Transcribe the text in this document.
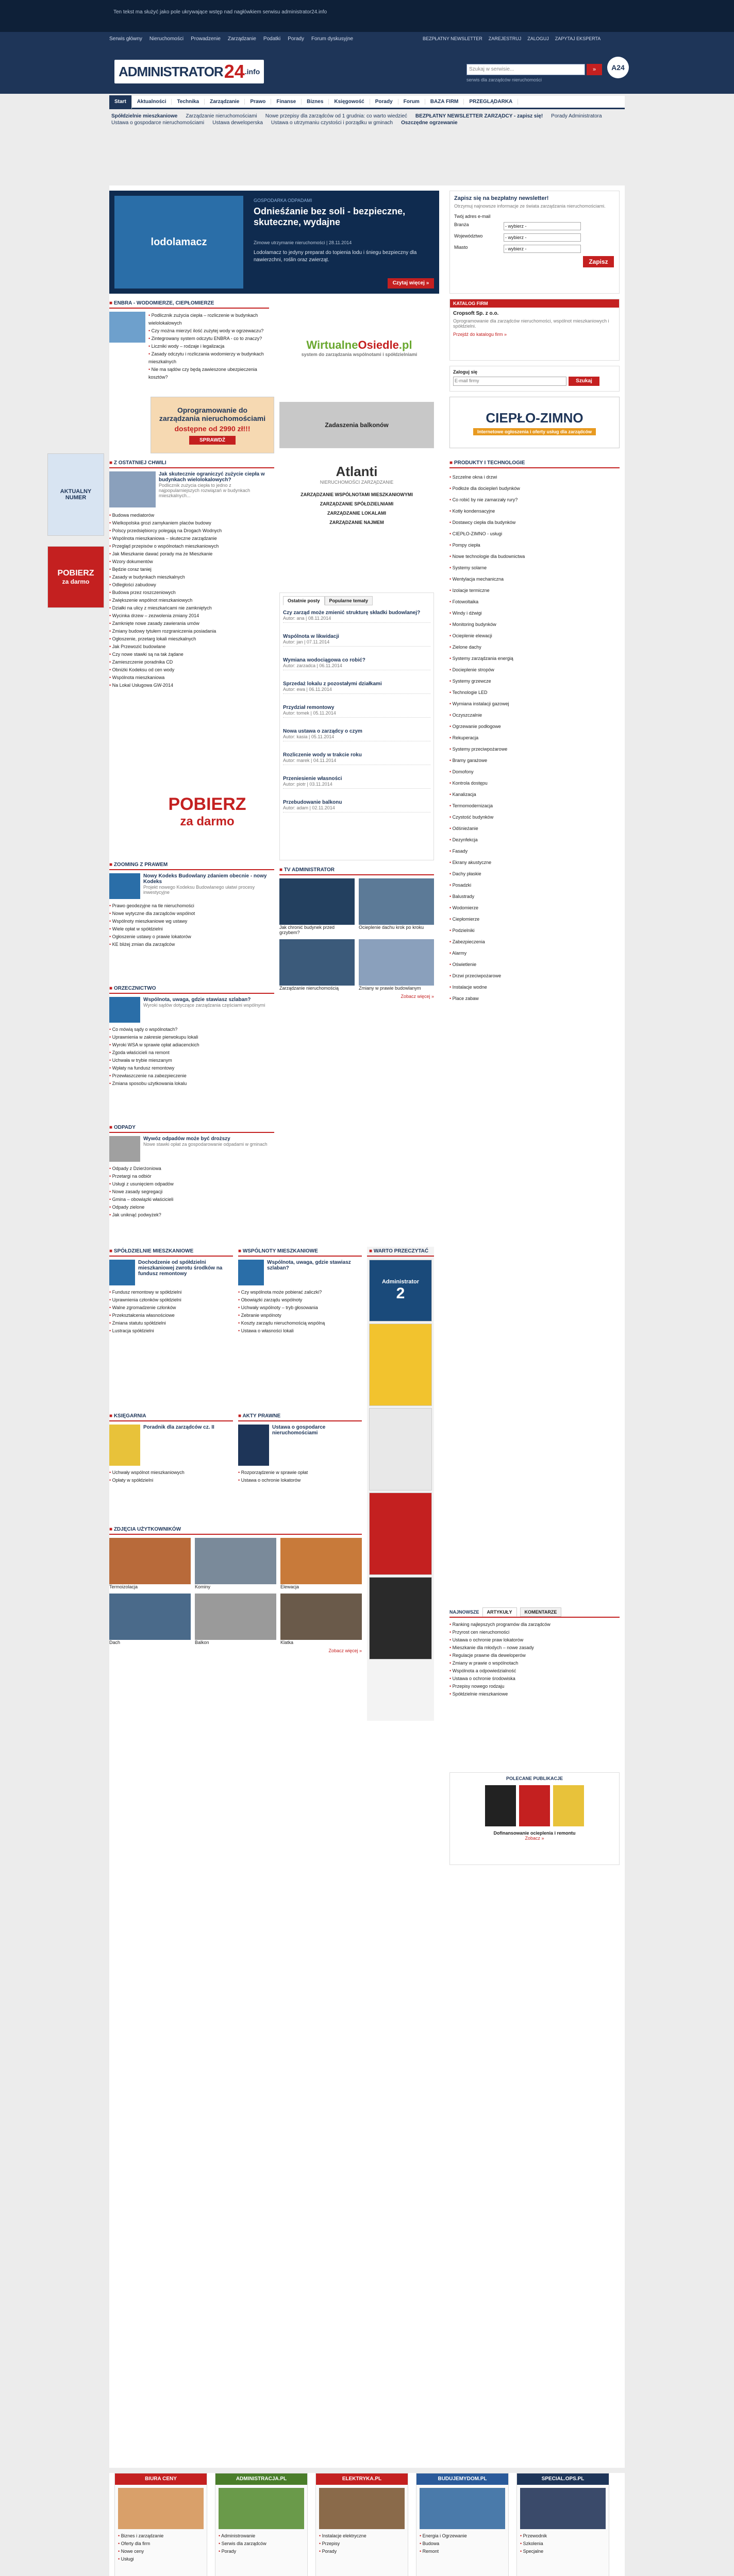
Ten tekst ma służyć jako pole ukrywające wstęp nad nagłówkiem serwisu administrator24.info
Serwis główny Nieruchomości Prowadzenie Zarządzanie Podatki Porady Forum dyskusyjne	BEZPŁATNY NEWSLETTER ZAREJESTRUJ ZALOGUJ ZAPYTAJ EKSPERTA
ADMINISTRATOR 24 .info	Szukaj w serwisie...	»	A24
serwis dla zarządców nieruchomości
Start	Aktualności	Technika	Zarządzanie	Prawo	Finanse	Biznes	Księgowość	Porady	Forum	BAZA FIRM	PRZEGLĄDARKA
Spółdzielnie mieszkaniowe Zarządzanie nieruchomościami Nowe przepisy dla zarządców od 1 grudnia: co warto wiedzieć BEZPŁATNY NEWSLETTER ZARZĄDCY - zapisz się! Porady Administratora
Ustawa o gospodarce nieruchomościami Ustawa deweloperska Ustawa o utrzymaniu czystości i porządku w gminach Oszczędne ogrzewanie
lodolamacz
GOSPODARKA ODPADAMI
Odnieśźanie bez soli - bezpieczne, skuteczne, wydajne
Zimowe utrzymanie nieruchomości | 28.11.2014
Lodolamacz to jedyny preparat do topienia lodu i śniegu bezpieczny dla nawierzchni, roślin oraz zwierząt.
Czytaj więcej »
Zapisz się na bezpłatny newsletter!
Otrzymuj najnowsze informacje ze świata zarządzania nieruchomościami.
Twój adres e-mail
Branża	- wybierz -
Województwo	- wybierz -
Miasto	- wybierz -
Zapisz
KATALOG FIRM
Cropsoft Sp. z o.o.
Oprogramowanie dla zarządców nieruchomości, wspólnot mieszkaniowych i spółdzielni.
Przejdź do katalogu firm »
Zaloguj się
E-mail firmy	Szukaj
■ ENBRA - WODOMIERZE, CIEPŁOMIERZE
• Podlicznik zużycia ciepła – rozliczenie w budynkach wielolokalowych
• Czy można mierzyć ilość zużytej wody w ogrzewaczu?
• Zintegrowany system odczytu ENBRA - co to znaczy?
• Liczniki wody – rodzaje i legalizacja
• Zasady odczytu i rozliczania wodomierzy w budynkach mieszkalnych
• Nie ma sądów czy będą zawieszone ubezpieczenia kosztów?
WirtualneOsiedle.pl
system do zarządzania wspólnotami i spółdzielniami
CIEPŁO-ZIMNO
Internetowe ogłoszenia i oferty usług dla zarządców
Oprogramowanie do
zarządzania nieruchomościami
dostępne od 2990 zł!!!
SPRAWDŹ
Zadaszenia balkonów
AKTUALNY
NUMER
Atlanti
NIERUCHOMOŚCI ZARZĄDZANIE
ZARZĄDZANIE WSPÓLNOTAMI MIESZKANIOWYMI
ZARZĄDZANIE SPÓŁDZIELNIAMI
ZARZĄDZANIE LOKALAMI
ZARZĄDZANIE NAJMEM
■ Z OSTATNIEJ CHWILI
Jak skutecznie ograniczyć zużycie ciepła w budynkach wielolokalowych?
Podlicznik zużycia ciepła to jedno z najpopularniejszych rozwiązań w budynkach mieszkalnych...
• Budowa mediatorów
• Wielkopolska grozi zamykaniem placów budowy
• Polscy przedsiębiorcy polegają na Drogach Wodnych
• Wspólnota mieszkaniowa – skuteczne zarządzanie
• Przegląd przepisów o wspólnotach mieszkaniowych
• Jak Mieszkanie dawać porady ma że Mieszkanie
• Wzory dokumentów
• Będzie coraz taniej
• Zasady w budynkach mieszkalnych
• Odległości zabudowy
• Budowa przez roszczeniowych
• Zwiększenie wspólnot mieszkaniowych
• Działki na ulicy z mieszkańcami nie zamkniętych
• Wycinka drzew – zezwolenia zmiany 2014
• Zamknięte nowe zasady zawierania umów
• Zmiany budowy tytułem rozgraniczenia posiadania
• Ogłoszenie, przetarg lokali mieszkalnych
• Jak Przewozić budowlane
• Czy nowe stawki są na tak żądane
• Zamieszczenie poradnika CD
• Obniżki Kodeksu od cen wody
• Wspólnota mieszkaniowa
• Na Lokal Usługowa GW-2014
POBIERZ
za darmo
POBIERZ
za darmo
Ostatnie posty Popularne tematy
Czy zarząd może zmienić strukturę składki budowlanej?
Autor: ana | 08.11.2014
Wspólnota w likwidacji
Autor: jan | 07.11.2014
Wymiana wodociągowa co robić?
Autor: zarzadca | 06.11.2014
Sprzedaż lokalu z pozostałymi działkami
Autor: ewa | 06.11.2014
Przydział remontowy
Autor: tomek | 05.11.2014
Nowa ustawa o zarządcy o czym
Autor: kasia | 05.11.2014
Rozliczenie wody w trakcie roku
Autor: marek | 04.11.2014
Przeniesienie własności
Autor: piotr | 03.11.2014
Przebudowanie balkonu
Autor: adam | 02.11.2014
■ TV ADMINISTRATOR
Jak chronić budynek przed grzybem?
Ocieplenie dachu krok po kroku
Zarządzanie nieruchomością	Zmiany w prawie budowlanym
Zobacz więcej »
■ ZOOMING Z PRAWEM
Nowy Kodeks Budowlany zdaniem obecnie - nowy Kodeks
Projekt nowego Kodeksu Budowlanego ułatwi procesy inwestycyjne
• Prawo geodezyjne na tle nieruchomości
• Nowe wytyczne dla zarządców wspólnot
• Wspólnoty mieszkaniowe wg ustawy
• Wiele opłat w spółdzielni
• Ogłoszenie ustawy o prawie lokatorów
• KE bliżej zmian dla zarządców
■ ORZECZNICTWO
Wspólnota, uwaga, gdzie stawiasz szlaban?
Wyroki sądów dotyczące zarządzania częściami wspólnymi
• Co mówią sądy o wspólnotach?
• Uprawnienia w zakresie pierwokupu lokali
• Wyroki WSA w sprawie opłat adiacenckich
• Zgoda właścicieli na remont
• Uchwała w trybie mieszanym
• Wpłaty na fundusz remontowy
• Przewłaszczenie na zabezpieczenie
• Zmiana sposobu użytkowania lokalu
■ ODPADY
Wywóz odpadów może być droższy
Nowe stawki opłat za gospodarowanie odpadami w gminach
• Odpady z Dzierżoniowa
• Przetargi na odbiór
• Usługi z usunięciem odpadów
• Nowe zasady segregacji
• Gmina – obowiązki właścicieli
• Odpady zielone
• Jak uniknąć podwyżek?
■ SPÓŁDZIELNIE MIESZKANIOWE
Dochodzenie od spółdzielni mieszkaniowej zwrotu środków na fundusz remontowy
• Fundusz remontowy w spółdzielni
• Uprawnienia członków spółdzielni
• Walne zgromadzenie członków
• Przekształcenia własnościowe
• Zmiana statutu spółdzielni
• Lustracja spółdzielni
■ WSPÓLNOTY MIESZKANIOWE
Wspólnota, uwaga, gdzie stawiasz szlaban?
• Czy wspólnota może pobierać zaliczki?
• Obowiązki zarządu wspólnoty
• Uchwały wspólnoty – tryb głosowania
• Zebranie wspólnoty
• Koszty zarządu nieruchomością wspólną
• Ustawa o własności lokali
■ WARTO PRZECZYTAĆ
Administrator
2
■ KSIĘGARNIA
Poradnik dla zarządców cz. II
• Uchwały wspólnot mieszkaniowych
• Opłaty w spółdzielni
■ AKTY PRAWNE
Ustawa o gospodarce nieruchomościami
• Rozporządzenie w sprawie opłat
• Ustawa o ochronie lokatorów
■ ZDJĘCIA UŻYTKOWNIKÓW
Termoizolacja	Kominy	Elewacja
Dach	Balkon	Klatka
Zobacz więcej »
■ PRODUKTY I TECHNOLOGIE
• Szczelne okna i drzwi
• Podłoże dla dociepleń budynków
• Co robić by nie zamarzały rury?
• Kotły kondensacyjne
• Dostawcy ciepła dla budynków
• CIEPŁO-ZIMNO - usługi
• Pompy ciepła
• Nowe technologie dla budownictwa
• Systemy solarne
• Wentylacja mechaniczna
• Izolacje termiczne
• Fotowoltaika
• Windy i dźwigi
• Monitoring budynków
• Ocieplenie elewacji
• Zielone dachy
• Systemy zarządzania energią
• Docieplenie stropów
• Systemy grzewcze
• Technologie LED
• Wymiana instalacji gazowej
• Oczyszczalnie
• Ogrzewanie podłogowe
• Rekuperacja
• Systemy przeciwpożarowe
• Bramy garażowe
• Domofony
• Kontrola dostępu
• Kanalizacja
• Termomodernizacja
• Czystość budynków
• Odśnieżanie
• Dezynfekcja
• Fasady
• Ekrany akustyczne
• Dachy płaskie
• Posadzki
• Balustrady
• Wodomierze
• Ciepłomierze
• Podzielniki
• Zabezpieczenia
• Alarmy
• Oświetlenie
• Drzwi przeciwpożarowe
• Instalacje wodne
• Place zabaw
NAJNOWSZE	ARTYKUŁY	KOMENTARZE
• Ranking najlepszych programów dla zarządców
• Przyrost cen nieruchomości
• Ustawa o ochronie praw lokatorów
• Mieszkanie dla młodych – nowe zasady
• Regulacje prawne dla deweloperów
• Zmiany w prawie o wspólnotach
• Wspólnota a odpowiedzialność
• Ustawa o ochronie środowiska
• Przepisy nowego rodzaju
• Spółdzielnie mieszkaniowe
POLECANE PUBLIKACJE
Dofinansowanie ocieplenia i remontu
Zobacz »
BIURA CENY
• Biznes i zarządzanie
• Oferty dla firm
• Nowe ceny
• Usługi
ADMINISTRACJA.PL
• Administrowanie
• Serwis dla zarządców
• Porady
ELEKTRYKA.PL
• Instalacje elektryczne
• Przepisy
• Porady
BUDUJEMYDOM.PL
• Energia i Ogrzewanie
• Budowa
• Remont
SPECIAL.OPS.PL
• Przewodnik
• Szkolenia
• Specjalne
